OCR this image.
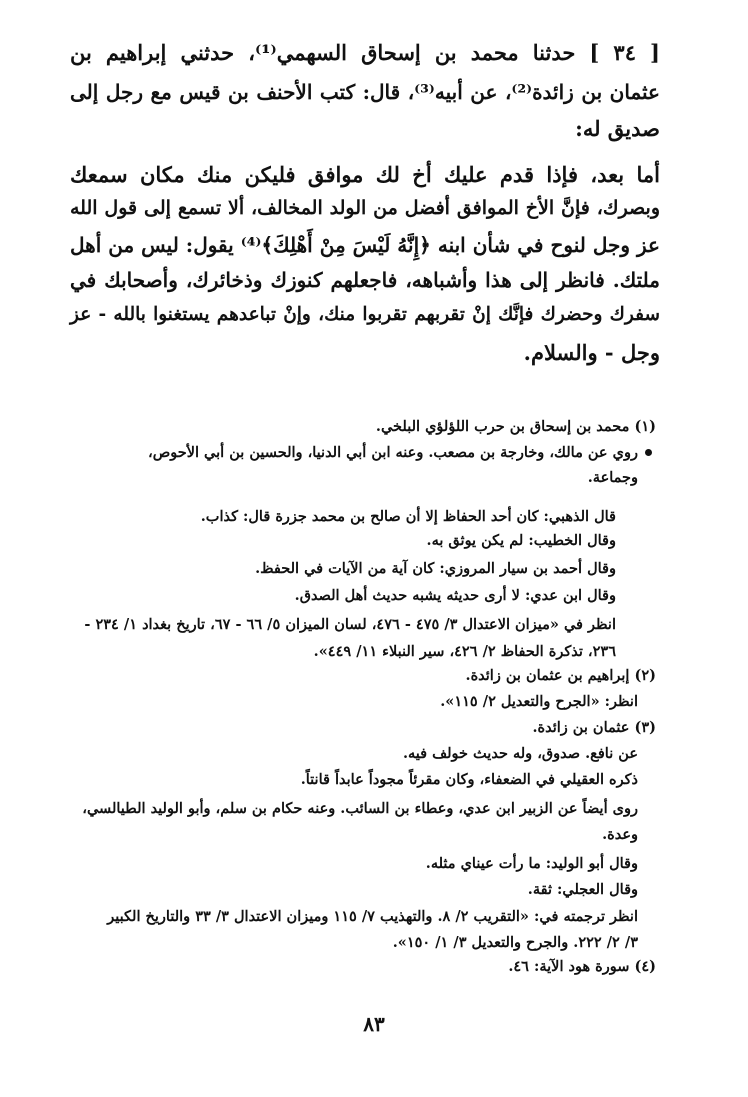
[ ٣٤ ] حدثنا محمد بن إسحاق السهمي⁽¹⁾، حدثني إبراهيم بن
عثمان بن زائدة⁽²⁾، عن أبيه⁽³⁾، قال: كتب الأحنف بن قيس مع رجل إلى
صديق له:
أما بعد، فإذا قدم عليك أخ لك موافق فليكن منك مكان سمعك
وبصرك، فإنَّ الأخ الموافق أفضل من الولد المخالف، ألا تسمع إلى قول الله
عز وجل لنوح في شأن ابنه ﴿إِنَّهُ لَيْسَ مِنْ أَهْلِكَ﴾⁽⁴⁾ يقول: ليس من أهل
ملتك. فانظر إلى هذا وأشباهه، فاجعلهم كنوزك وذخائرك، وأصحابك في
سفرك وحضرك فإنَّك إنْ تقربهم تقربوا منك، وإنْ تباعدهم يستغنوا بالله - عز
وجل - والسلام.
(١) محمد بن إسحاق بن حرب اللؤلؤي البلخي.
روي عن مالك، وخارجة بن مصعب. وعنه ابن أبي الدنيا، والحسين بن أبي الأحوص،
وجماعة.
قال الذهبي: كان أحد الحفاظ إلا أن صالح بن محمد جزرة قال: كذاب.
وقال الخطيب: لم يكن يوثق به.
وقال أحمد بن سيار المروزي: كان آية من الآيات في الحفظ.
وقال ابن عدي: لا أرى حديثه يشبه حديث أهل الصدق.
انظر في «ميزان الاعتدال ٣/ ٤٧٥ - ٤٧٦، لسان الميزان ٥/ ٦٦ - ٦٧، تاريخ بغداد ١/ ٢٣٤ -
٢٣٦، تذكرة الحفاظ ٢/ ٤٢٦، سير النبلاء ١١/ ٤٤٩».
(٢) إبراهيم بن عثمان بن زائدة.
انظر: «الجرح والتعديل ٢/ ١١٥».
(٣) عثمان بن زائدة.
عن نافع. صدوق، وله حديث خولف فيه.
ذكره العقيلي في الضعفاء، وكان مقرئاً مجوداً عابداً قانتاً.
روى أيضاً عن الزبير ابن عدي، وعطاء بن السائب. وعنه حكام بن سلم، وأبو الوليد الطيالسي،
وعدة.
وقال أبو الوليد: ما رأت عيناي مثله.
وقال العجلي: ثقة.
انظر ترجمته في: «التقريب ٢/ ٨. والتهذيب ٧/ ١١٥ وميزان الاعتدال ٣/ ٣٣ والتاريخ الكبير
٣/ ٢/ ٢٢٢. والجرح والتعديل ٣/ ١/ ١٥٠».
(٤) سورة هود الآية: ٤٦.
٨٣
